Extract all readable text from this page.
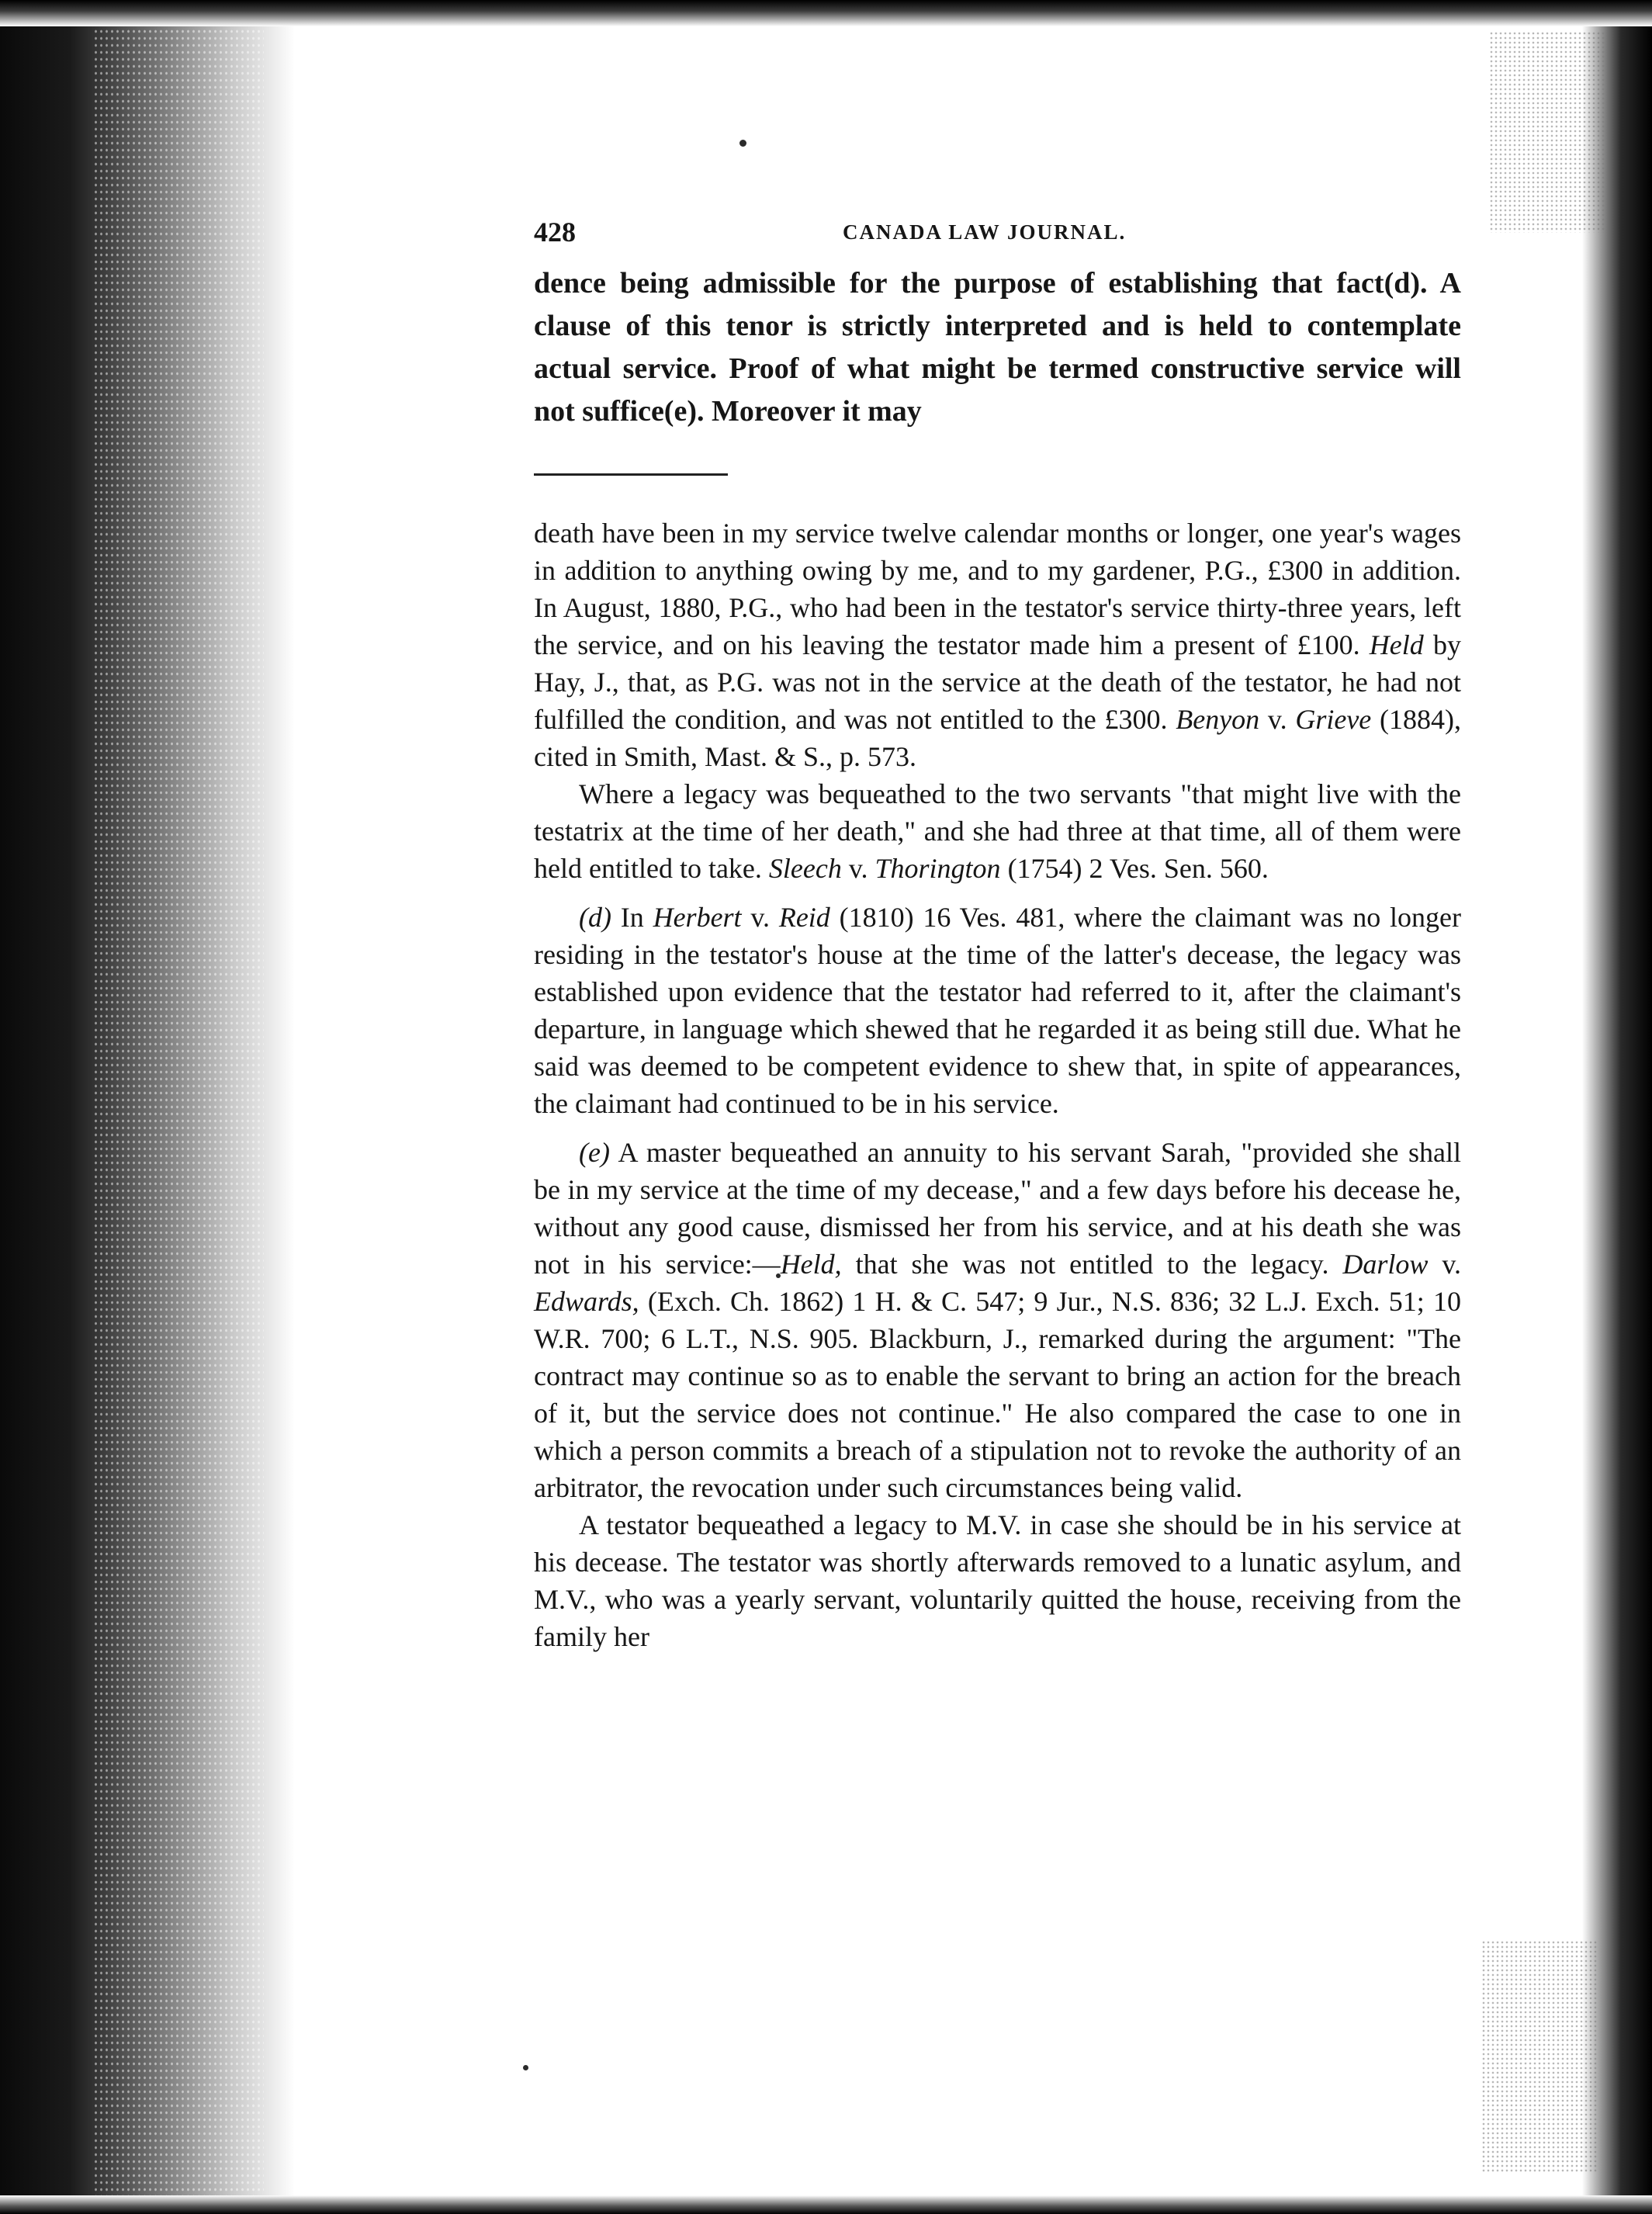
428	CANADA LAW JOURNAL.
dence being admissible for the purpose of establishing that fact(d). A clause of this tenor is strictly interpreted and is held to contemplate actual service. Proof of what might be termed constructive service will not suffice(e). Moreover it may

death have been in my service twelve calendar months or longer, one year's wages in addition to anything owing by me, and to my gardener, P.G., £300 in addition. In August, 1880, P.G., who had been in the testator's service thirty-three years, left the service, and on his leaving the testator made him a present of £100. Held by Hay, J., that, as P.G. was not in the service at the death of the testator, he had not fulfilled the condition, and was not entitled to the £300. Benyon v. Grieve (1884), cited in Smith, Mast. & S., p. 573.

Where a legacy was bequeathed to the two servants "that might live with the testatrix at the time of her death," and she had three at that time, all of them were held entitled to take. Sleech v. Thorington (1754) 2 Ves. Sen. 560.

(d) In Herbert v. Reid (1810) 16 Ves. 481, where the claimant was no longer residing in the testator's house at the time of the latter's decease, the legacy was established upon evidence that the testator had referred to it, after the claimant's departure, in language which shewed that he regarded it as being still due. What he said was deemed to be competent evidence to shew that, in spite of appearances, the claimant had continued to be in his service.

(e) A master bequeathed an annuity to his servant Sarah, "provided she shall be in my service at the time of my decease," and a few days before his decease he, without any good cause, dismissed her from his service, and at his death she was not in his service:—Held, that she was not entitled to the legacy. Darlow v. Edwards, (Exch. Ch. 1862) 1 H. & C. 547; 9 Jur., N.S. 836; 32 L.J. Exch. 51; 10 W.R. 700; 6 L.T., N.S. 905. Blackburn, J., remarked during the argument: "The contract may continue so as to enable the servant to bring an action for the breach of it, but the service does not continue." He also compared the case to one in which a person commits a breach of a stipulation not to revoke the authority of an arbitrator, the revocation under such circumstances being valid.

A testator bequeathed a legacy to M.V. in case she should be in his service at his decease. The testator was shortly afterwards removed to a lunatic asylum, and M.V., who was a yearly servant, voluntarily quitted the house, receiving from the family her
